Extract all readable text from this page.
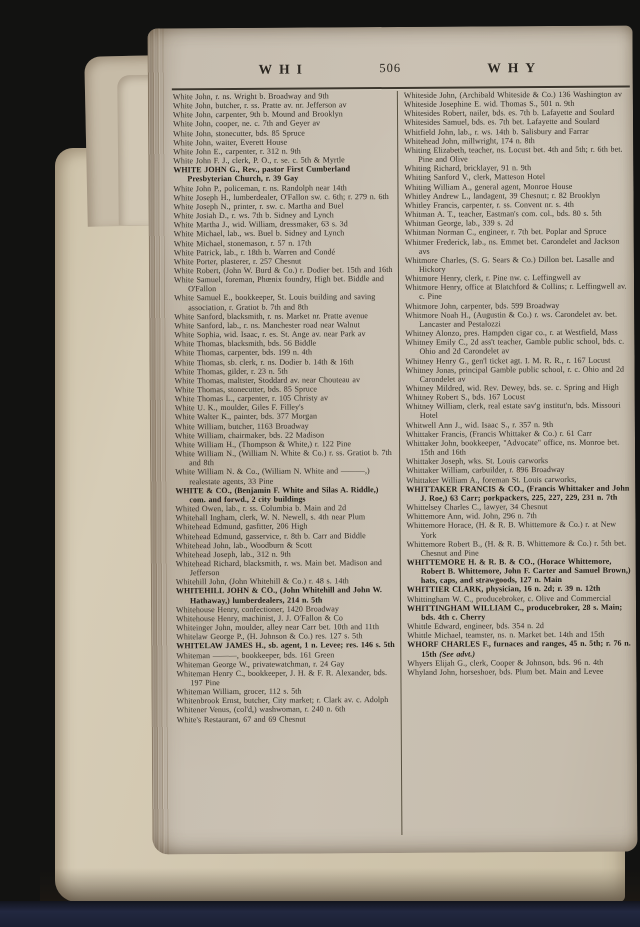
WHI	506	WHY

White John, r. ns. Wright b. Broadway and 9th

White John, butcher, r. ss. Pratte av. nr. Jefferson av

White John, carpenter, 9th b. Mound and Brooklyn

White John, cooper, ne. c. 7th and Geyer av

White John, stonecutter, bds. 85 Spruce

White John, waiter, Everett House

White John E., carpenter, r. 312 n. 9th

White John F. J., clerk, P. O., r. se. c. 5th & Myrtle

WHITE JOHN G., Rev., pastor First Cumberland Presbyterian Church, r. 39 Gay

White John P., policeman, r. ns. Randolph near 14th

White Joseph H., lumberdealer, O'Fallon sw. c. 6th; r. 279 n. 6th

White Joseph N., printer, r. sw. c. Martha and Buel

White Josiah D., r. ws. 7th b. Sidney and Lynch

White Martha J., wid. William, dressmaker, 63 s. 3d

White Michael, lab., ws. Buel b. Sidney and Lynch

White Michael, stonemason, r. 57 n. 17th

White Patrick, lab., r. 18th b. Warren and Condé

White Porter, plasterer, r. 257 Chesnut

White Robert, (John W. Burd & Co.) r. Dodier bet. 15th and 16th

White Samuel, foreman, Phœnix foundry, High bet. Biddle and O'Fallon

White Samuel E., bookkeeper, St. Louis building and saving association, r. Gratiot b. 7th and 8th

White Sanford, blacksmith, r. ns. Market nr. Pratte avenue

White Sanford, lab., r. ns. Manchester road near Walnut

White Sophia, wid. Isaac, r. es. St. Ange av. near Park av

White Thomas, blacksmith, bds. 56 Biddle

White Thomas, carpenter, bds. 199 n. 4th

White Thomas, sb. clerk, r. ns. Dodier b. 14th & 16th

White Thomas, gilder, r. 23 n. 5th

White Thomas, maltster, Stoddard av. near Chouteau av

White Thomas, stonecutter, bds. 85 Spruce

White Thomas L., carpenter, r. 105 Christy av

White U. K., moulder, Giles F. Filley's

White Walter K., painter, bds. 377 Morgan

White William, butcher, 1163 Broadway

White William, chairmaker, bds. 22 Madison

White William H., (Thompson & White,) r. 122 Pine

White William N., (William N. White & Co.) r. ss. Gratiot b. 7th and 8th

White William N. & Co., (William N. White and ———,) realestate agents, 33 Pine

WHITE & CO., (Benjamin F. White and Silas A. Riddle,) com. and forwd., 2 city buildings

Whited Owen, lab., r. ss. Columbia b. Main and 2d

Whitehall Ingham, clerk, W. N. Newell, s. 4th near Plum

Whitehead Edmund, gasfitter, 206 High

Whitehead Edmund, gasservice, r. 8th b. Carr and Biddle

Whitehead John, lab., Woodburn & Scott

Whitehead Joseph, lab., 312 n. 9th

Whitehead Richard, blacksmith, r. ws. Main bet. Madison and Jefferson

Whitehill John, (John Whitehill & Co.) r. 48 s. 14th

WHITEHILL JOHN & CO., (John Whitehill and John W. Hathaway,) lumberdealers, 214 n. 5th

Whitehouse Henry, confectioner, 1420 Broadway

Whitehouse Henry, machinist, J. J. O'Fallon & Co

Whiteinger John, moulder, alley near Carr bet. 10th and 11th

Whitelaw George P., (H. Johnson & Co.) res. 127 s. 5th

WHITELAW JAMES H., sb. agent, 1 n. Levee; res. 146 s. 5th

Whiteman ———, bookkeeper, bds. 161 Green

Whiteman George W., privatewatchman, r. 24 Gay

Whiteman Henry C., bookkeeper, J. H. & F. R. Alexander, bds. 197 Pine

Whiteman William, grocer, 112 s. 5th

Whitenbrook Ernst, butcher, City market; r. Clark av. c. Adolph

Whitener Venus, (col'd,) washwoman, r. 240 n. 6th

White's Restaurant, 67 and 69 Chesnut

Whiteside John, (Archibald Whiteside & Co.) 136 Washington av

Whiteside Josephine E. wid. Thomas S., 501 n. 9th

Whitesides Robert, nailer, bds. es. 7th b. Lafayette and Soulard

Whitesides Samuel, bds. es. 7th bet. Lafayette and Soulard

Whitfield John, lab., r. ws. 14th b. Salisbury and Farrar

Whitehead John, millwright, 174 n. 8th

Whiting Elizabeth, teacher, ns. Locust bet. 4th and 5th; r. 6th bet. Pine and Olive

Whiting Richard, bricklayer, 91 n. 9th

Whiting Sanford V., clerk, Matteson Hotel

Whiting William A., general agent, Monroe House

Whitley Andrew L., landagent, 39 Chesnut; r. 82 Brooklyn

Whitley Francis, carpenter, r. ss. Convent nr. s. 4th

Whitman A. T., teacher, Eastman's com. col., bds. 80 s. 5th

Whitman George, lab., 339 s. 2d

Whitman Norman C., engineer, r. 7th bet. Poplar and Spruce

Whitmer Frederick, lab., ns. Emmet bet. Carondelet and Jackson avs

Whitmore Charles, (S. G. Sears & Co.) Dillon bet. Lasalle and Hickory

Whitmore Henry, clerk, r. Pine nw. c. Leffingwell av

Whitmore Henry, office at Blatchford & Collins; r. Leffingwell av. c. Pine

Whitmore John, carpenter, bds. 599 Broadway

Whitmore Noah H., (Augustin & Co.) r. ws. Carondelet av. bet. Lancaster and Pestalozzi

Whitney Alonzo, pres. Hampden cigar co., r. at Westfield, Mass

Whitney Emily C., 2d ass't teacher, Gamble public school, bds. c. Ohio and 2d Carondelet av

Whitney Henry G., gen'l ticket agt. I. M. R. R., r. 167 Locust

Whitney Jonas, principal Gamble public school, r. c. Ohio and 2d Carondelet av

Whitney Mildred, wid. Rev. Dewey, bds. se. c. Spring and High

Whitney Robert S., bds. 167 Locust

Whitney William, clerk, real estate sav'g institut'n, bds. Missouri Hotel

Whitwell Ann J., wid. Isaac S., r. 357 n. 9th

Whittaker Francis, (Francis Whittaker & Co.) r. 61 Carr

Whittaker John, bookkeeper, "Advocate" office, ns. Monroe bet. 15th and 16th

Whittaker Joseph, wks. St. Louis carworks

Whittaker William, carbuilder, r. 896 Broadway

Whittaker William A., foreman St. Louis carworks,

WHITTAKER FRANCIS & CO., (Francis Whittaker and John J. Roe,) 63 Carr; porkpackers, 225, 227, 229, 231 n. 7th

Whittelsey Charles C., lawyer, 34 Chesnut

Whittemore Ann, wid. John, 296 n. 7th

Whittemore Horace, (H. & R. B. Whittemore & Co.) r. at New York

Whittemore Robert B., (H. & R. B. Whittemore & Co.) r. 5th bet. Chesnut and Pine

WHITTEMORE H. & R. B. & CO., (Horace Whittemore, Robert B. Whittemore, John F. Carter and Samuel Brown,) hats, caps, and strawgoods, 127 n. Main

WHITTIER CLARK, physician, 16 n. 2d; r. 39 n. 12th

Whittingham W. C., producebroker, c. Olive and Commercial

WHITTINGHAM WILLIAM C., producebroker, 28 s. Main; bds. 4th c. Cherry

Whittle Edward, engineer, bds. 354 n. 2d

Whittle Michael, teamster, ns. n. Market bet. 14th and 15th

WHORF CHARLES F., furnaces and ranges, 45 n. 5th; r. 76 n. 15th (See advt.)

Whyers Elijah G., clerk, Cooper & Johnson, bds. 96 n. 4th

Whyland John, horseshoer, bds. Plum bet. Main and Levee
